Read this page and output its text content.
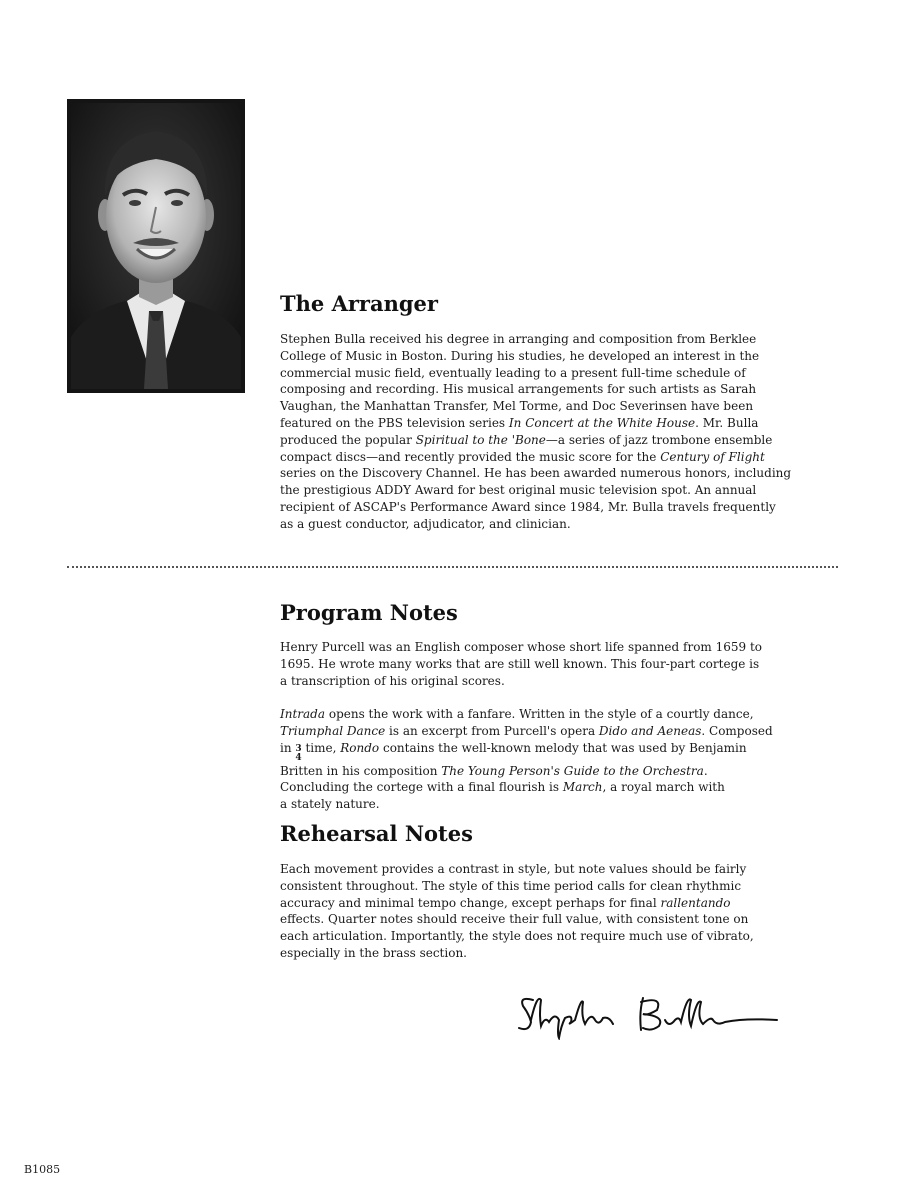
The Arranger
Stephen Bulla received his degree in arranging and composition from Berklee
College of Music in Boston. During his studies, he developed an interest in the
commercial music field, eventually leading to a present full-time schedule of
composing and recording. His musical arrangements for such artists as Sarah
Vaughan, the Manhattan Transfer, Mel Torme, and Doc Severinsen have been
featured on the PBS television series In Concert at the White House. Mr. Bulla
produced the popular Spiritual to the 'Bone—a series of jazz trombone ensemble
compact discs—and recently provided the music score for the Century of Flight
series on the Discovery Channel. He has been awarded numerous honors, including
the prestigious ADDY Award for best original music television spot. An annual
recipient of ASCAP's Performance Award since 1984, Mr. Bulla travels frequently
as a guest conductor, adjudicator, and clinician.
Program Notes
Henry Purcell was an English composer whose short life spanned from 1659 to
1695. He wrote many works that are still well known. This four-part cortege is
a transcription of his original scores.
Intrada opens the work with a fanfare. Written in the style of a courtly dance,
Triumphal Dance is an excerpt from Purcell's opera Dido and Aeneas. Composed
in 3
4
time, Rondo contains the well-known melody that was used by Benjamin
Britten in his composition The Young Person's Guide to the Orchestra.
Concluding the cortege with a final flourish is March, a royal march with
a stately nature.
Rehearsal Notes
Each movement provides a contrast in style, but note values should be fairly
consistent throughout. The style of this time period calls for clean rhythmic
accuracy and minimal tempo change, except perhaps for final rallentando
effects. Quarter notes should receive their full value, with consistent tone on
each articulation. Importantly, the style does not require much use of vibrato,
especially in the brass section.
B1085
